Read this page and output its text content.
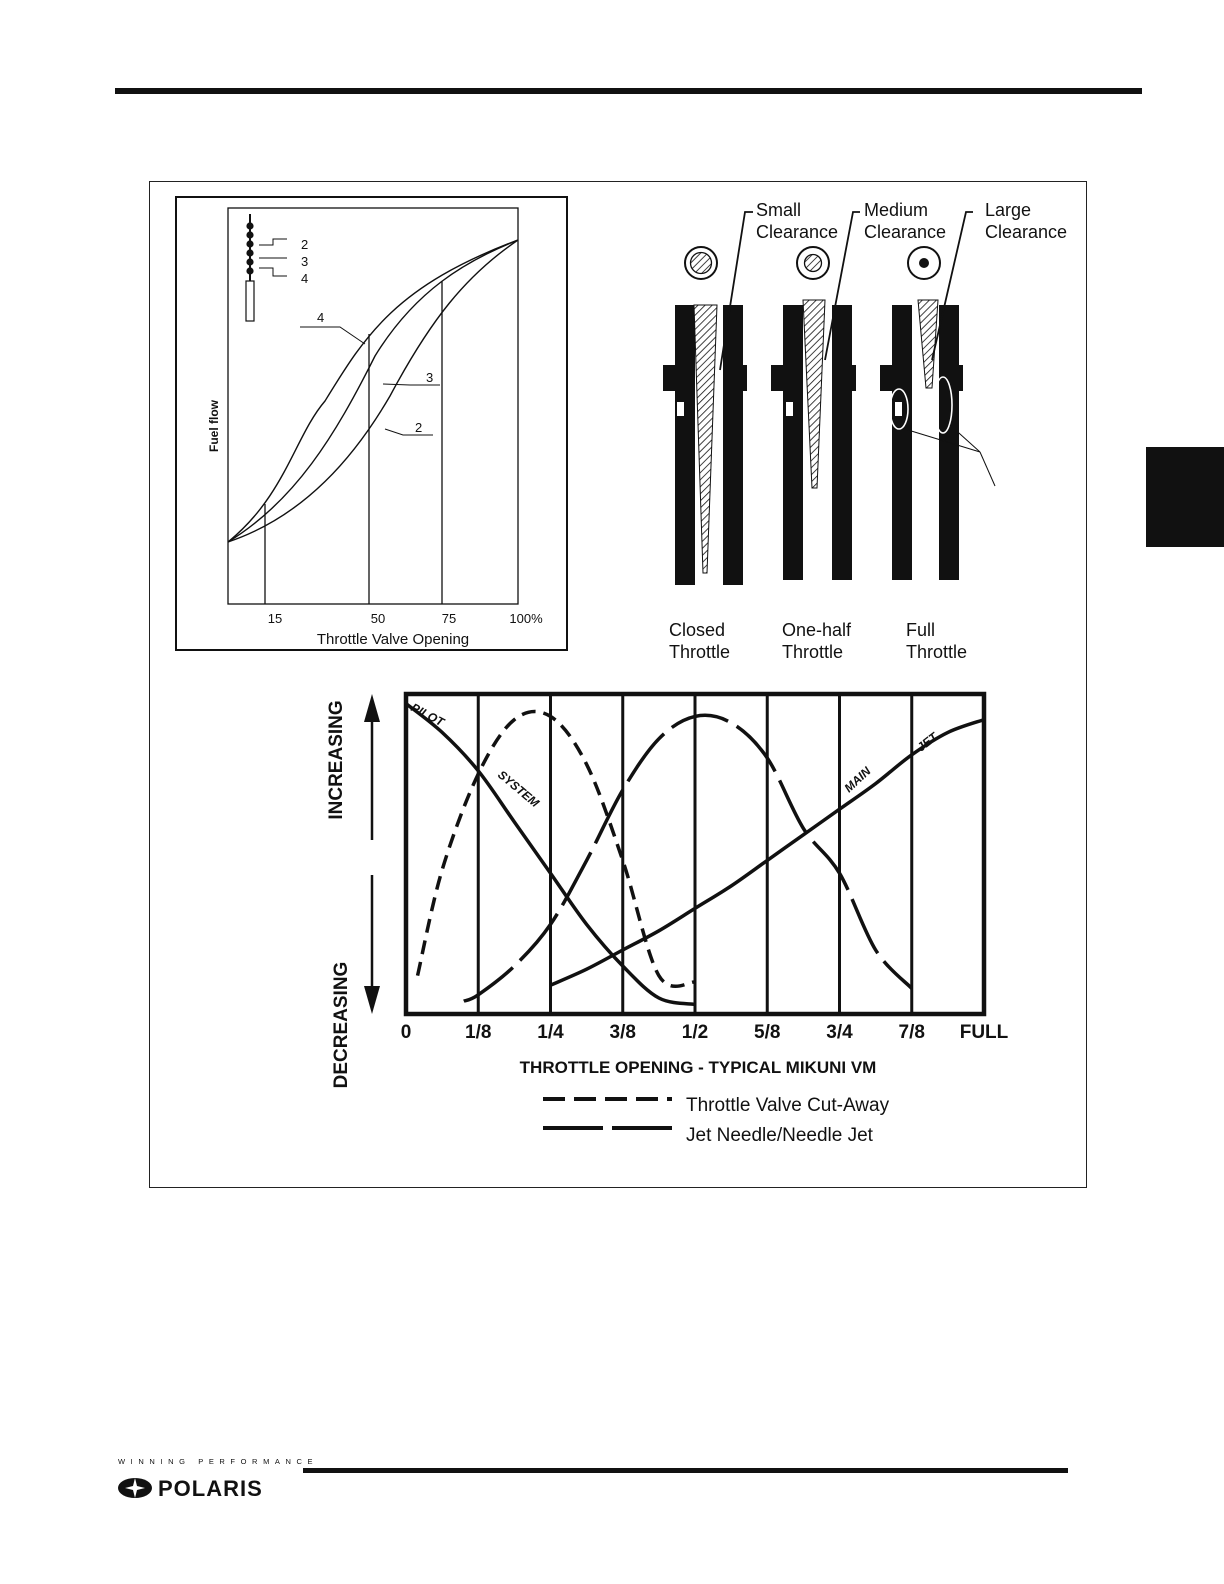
2
3
4
4
3
2
15	50	75	100%
Throttle Valve Opening
Fuel flow
Small
Clearance
Medium
Clearance
Large
Clearance
Closed
Throttle
One-half
Throttle
Full
Throttle
0	1/8 1/4 3/8 1/2 5/8 3/4 7/8 FULL
PILOT
SYSTEM	MAIN
JET
INCREASING
DECREASING	THROTTLE OPENING - TYPICAL MIKUNI VM
Throttle Valve Cut-Away
Jet Needle/Needle Jet
WINNING PERFORMANCE
POLARIS
